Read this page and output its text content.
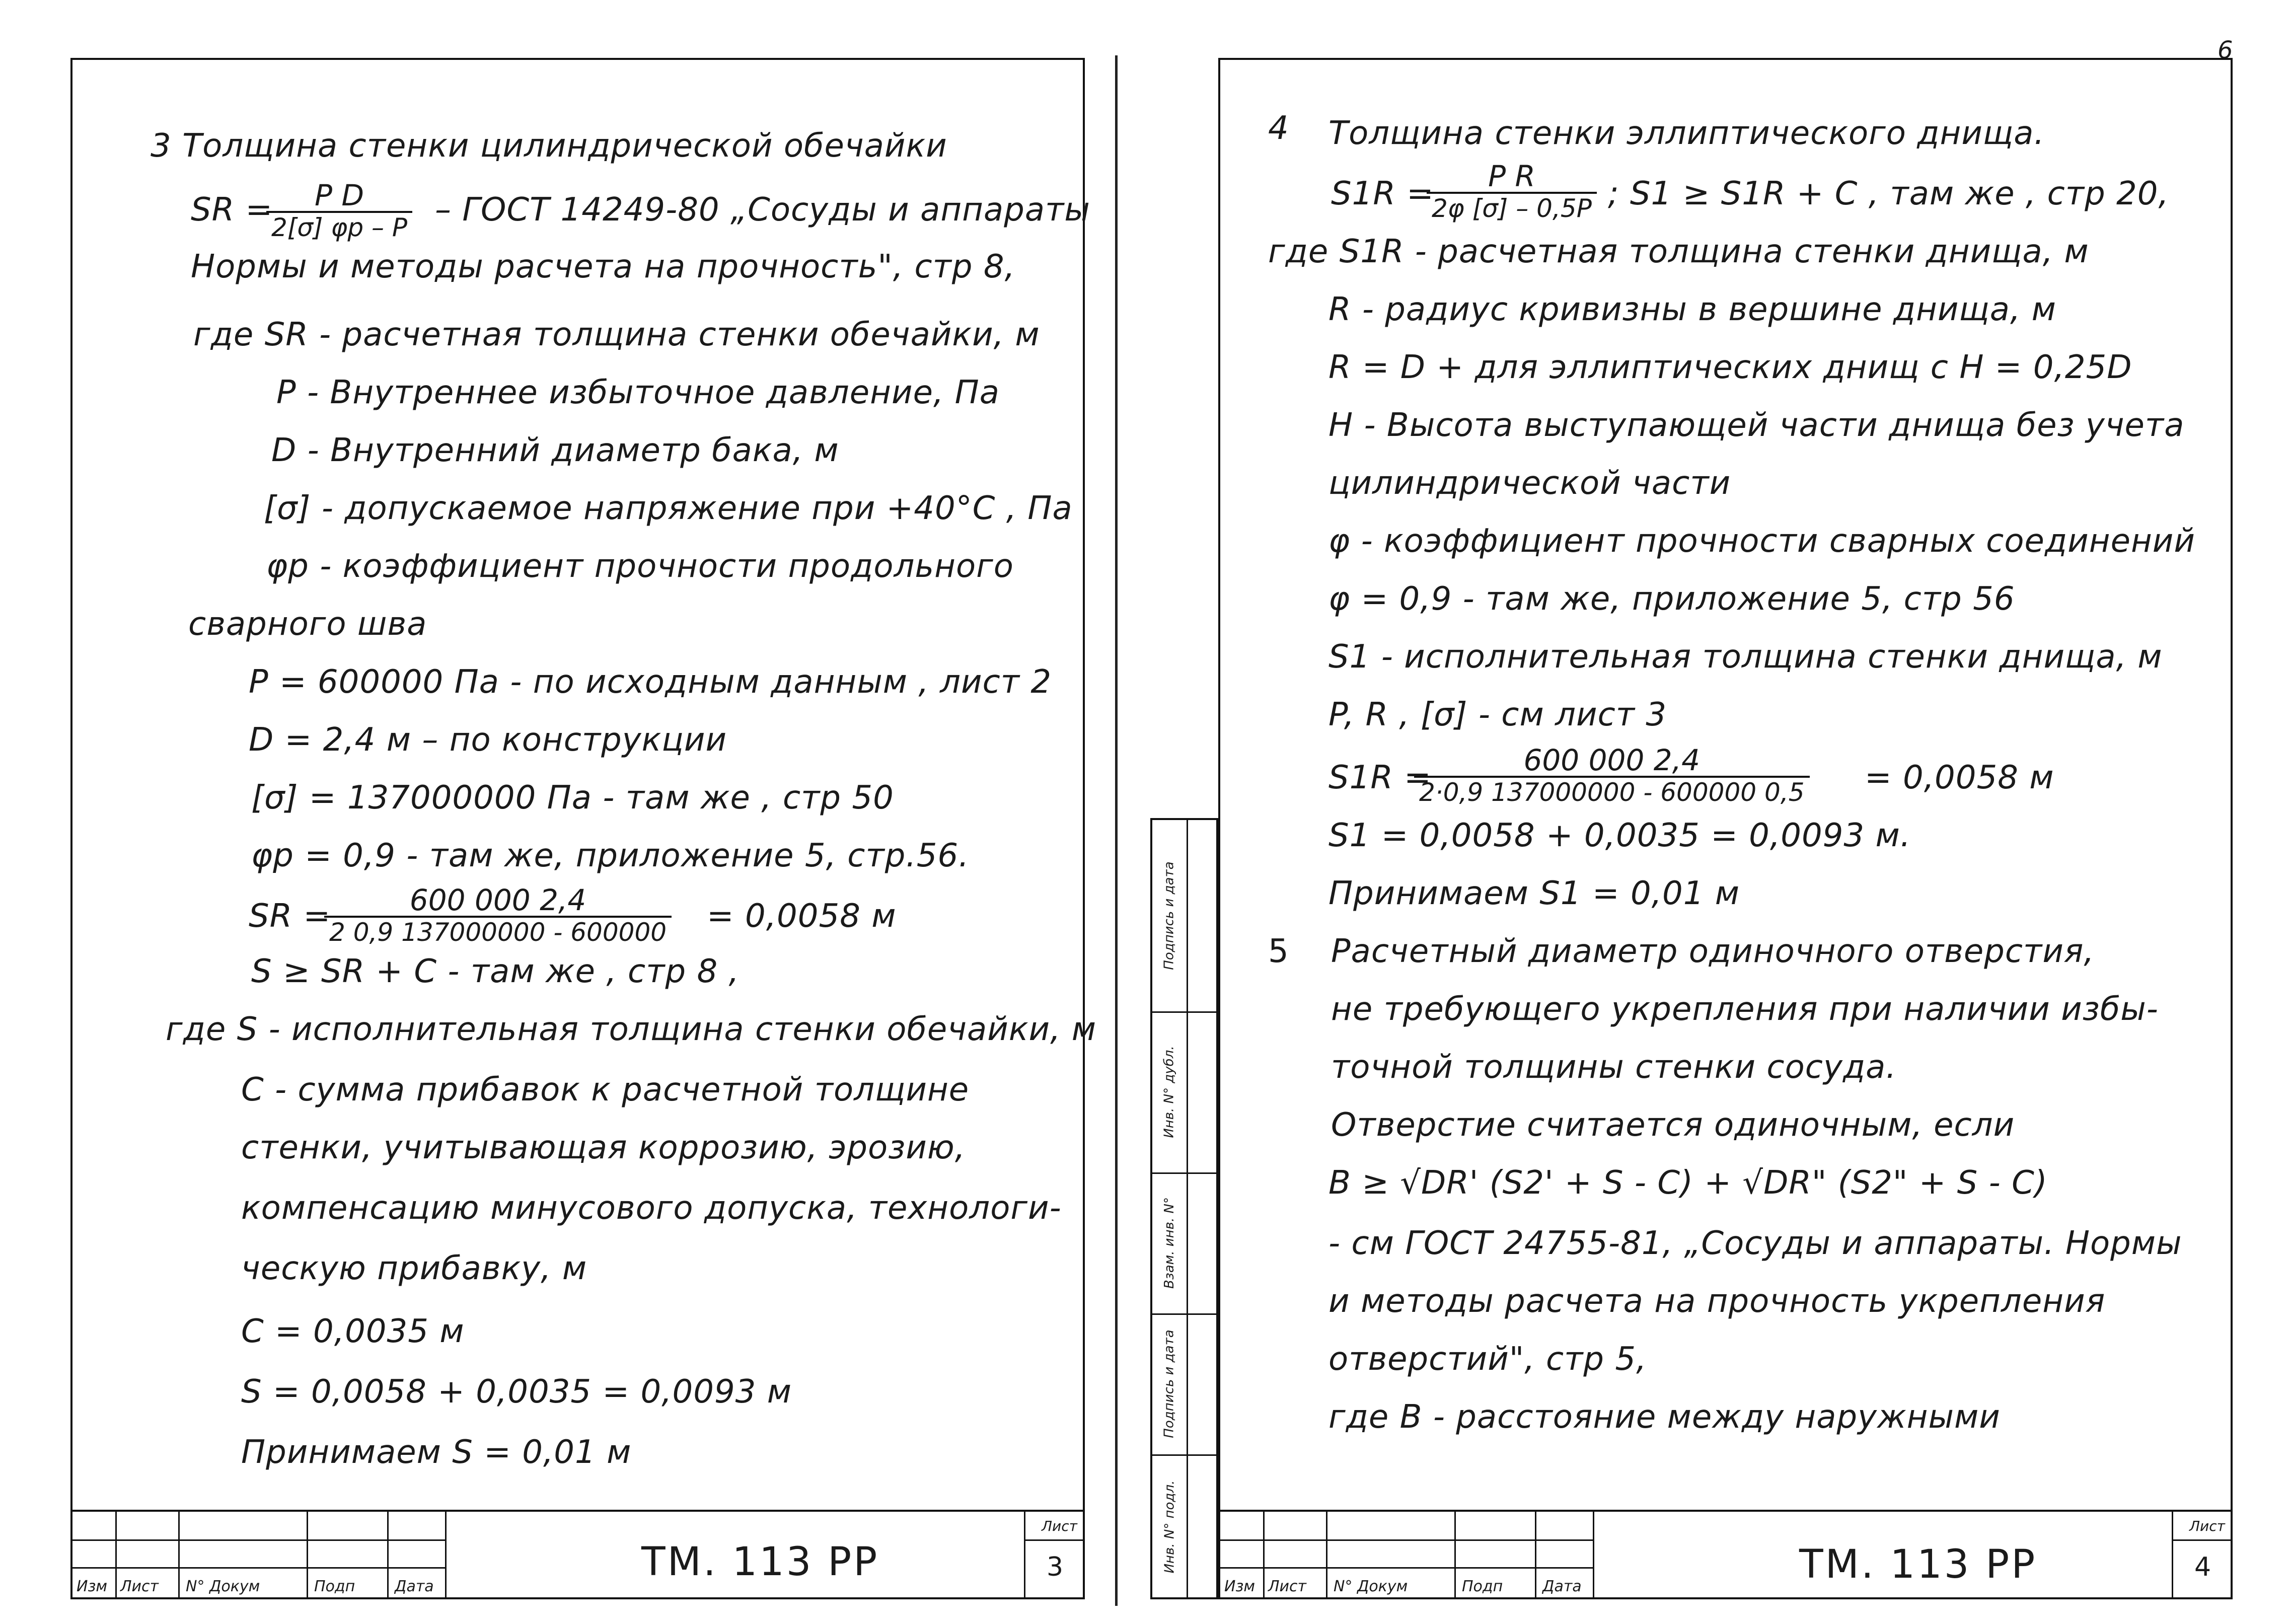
6
3 Толщина стенки цилиндрической обечайки
SR =
$\frac{\text{P D}}{2[\sigma] \varphi p - P}$ – ГОСТ 14249-80 „Сосуды и аппараты
Нормы и методы расчета на прочность", стр 8,
где SR - расчетная толщина стенки обечайки, м
P - Внутреннее избыточное давление, Па
D - Внутренний диаметр бака, м
[σ] - допускаемое напряжение при +40°С , Па
φp - коэффициент прочности продольного
сварного шва
P = 600000 Па - по исходным данным , лист 2
D = 2,4 м – по конструкции
[σ] = 137000000 Па - там же , стр 50
φp = 0,9 - там же, приложение 5, стр.56.
SR =
$\frac{600 000 2,4}{2 0,9 137000000 - 600000} = 0,0058$ м
S ≥ SR + C - там же , стр 8 ,
где S - исполнительная толщина стенки обечайки, м
C - сумма прибавок к расчетной толщине
стенки, учитывающая коррозию, эрозию,
компенсацию минусового допуска, технологи-
ческую прибавку, м
C = 0,0035 м
S = 0,0058 + 0,0035 = 0,0093 м
Принимаем S = 0,01 м
Изм Лист N° Докум	Подп	Дата
ТМ. 113 РР
Лист
3
Подпись и дата
Инв. N° дубл.
Взам. инв. N°
Подпись и дата
Инв. N° подл.
4 Толщина стенки эллиптического днища.
S1R =
$\frac{\text{P R}}{2\varphi [\sigma] - 0,5P}$ ; S1 ≥ S1R + C , там же , стр 20,
где S1R - расчетная толщина стенки днища, м
R - радиус кривизны в вершине днища, м
R = D + для эллиптических днищ с H = 0,25D
H - Высота выступающей части днища без учета
цилиндрической части
φ - коэффициент прочности сварных соединений
φ = 0,9 - там же, приложение 5, стр 56
S1 - исполнительная толщина стенки днища, м
P, R , [σ] - см лист 3
S1R =
$\frac{600 000 2,4}{2\cdot 0,9 137000000 - 600000 0,5} = 0,0058$ м
S1 = 0,0058 + 0,0035 = 0,0093 м.
Принимаем S1 = 0,01 м
5 Расчетный диаметр одиночного отверстия,
не требующего укрепления при наличии избы-
точной толщины стенки сосуда.
Отверстие считается одиночным, если
B ≥ √DR' (S2' + S - C) + √DR" (S2" + S - C)
- см ГОСТ 24755-81, „Сосуды и аппараты. Нормы
и методы расчета на прочность укрепления
отверстий", стр 5,
где B - расстояние между наружными
Изм Лист N° Докум	Подп	Дата	ТМ. 113 РР
Лист
4
